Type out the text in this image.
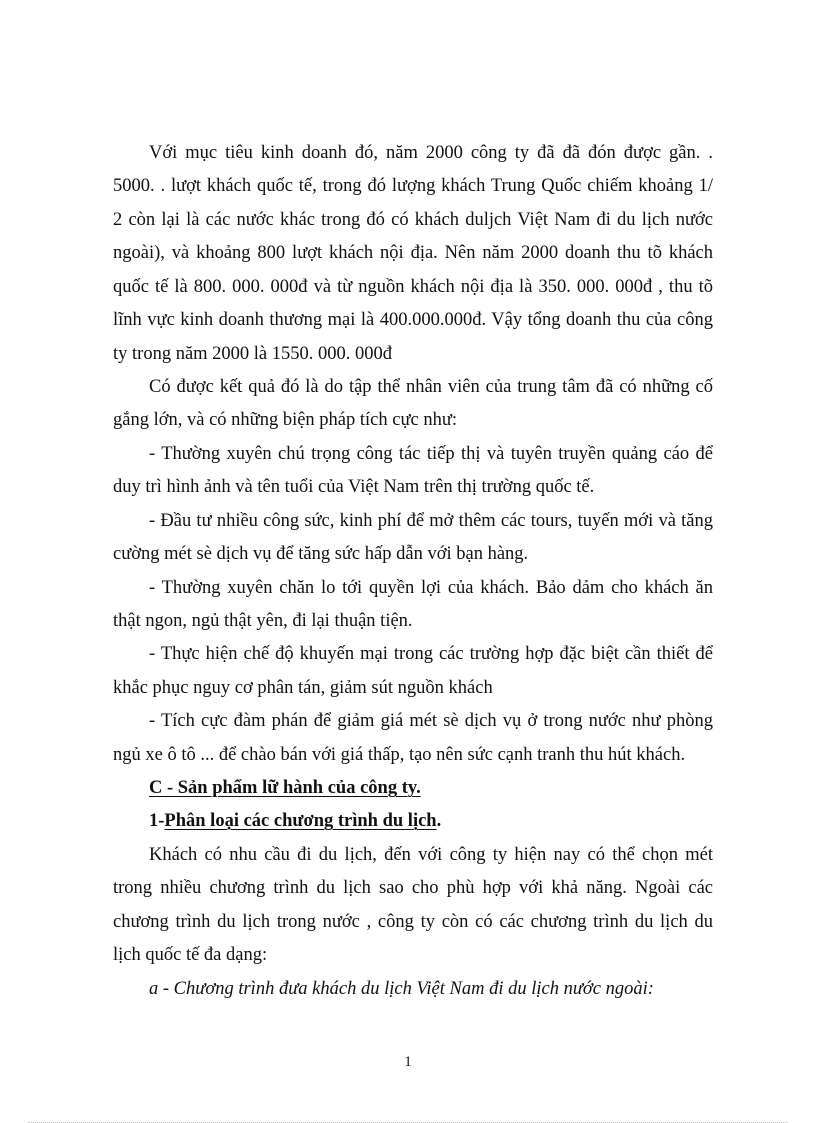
Với mục tiêu kinh doanh đó, năm 2000 công ty đã đã đón được gần. .
5000. . lượt khách quốc tế, trong đó lượng khách Trung Quốc chiếm khoảng 1/
2 còn lại là các nước khác trong đó có khách duljch Việt Nam đi du lịch nước
ngoài), và khoảng 800 lượt khách nội địa. Nên năm 2000 doanh thu tõ khách
quốc tế là 800. 000. 000đ và từ nguồn khách nội địa là 350. 000. 000đ , thu tõ
lĩnh vực kinh doanh thương mại là 400.000.000đ. Vậy tổng doanh thu của công
ty trong năm 2000 là 1550. 000. 000đ
Có được kết quả đó là do tập thể nhân viên của trung tâm đã có những cố
gắng lớn, và có những biện pháp tích cực như:
- Thường xuyên chú trọng công tác tiếp thị và tuyên truyền quảng cáo để
duy trì hình ảnh và tên tuổi của Việt Nam trên thị trường quốc tế.
- Đầu tư nhiều công sức, kinh phí để mở thêm các tours, tuyến mới và tăng
cường mét sè dịch vụ để tăng sức hấp dẫn với bạn hàng.
- Thường xuyên chăn lo tới quyền lợi của khách. Bảo dảm cho khách ăn
thật ngon, ngủ thật yên, đi lại thuận tiện.
- Thực hiện chế độ khuyến mại trong các trường hợp đặc biệt cần thiết để
khắc phục nguy cơ phân tán, giảm sút nguồn khách
- Tích cực đàm phán để giảm giá mét sè dịch vụ ở trong nước như phòng
ngủ xe ô tô ... để chào bán với giá thấp, tạo nên sức cạnh tranh thu hút khách.
C - Sản phẩm lữ hành của công ty.
1-Phân loại các chương trình du lịch.
Khách có nhu cầu đi du lịch, đến với công ty hiện nay có thể chọn mét
trong nhiều chương trình du lịch sao cho phù hợp với khả năng. Ngoài các
chương trình du lịch trong nước , công ty còn có các chương trình du lịch du
lịch quốc tế đa dạng:
a - Chương trình đưa khách du lịch Việt Nam đi du lịch nước ngoài:
1
